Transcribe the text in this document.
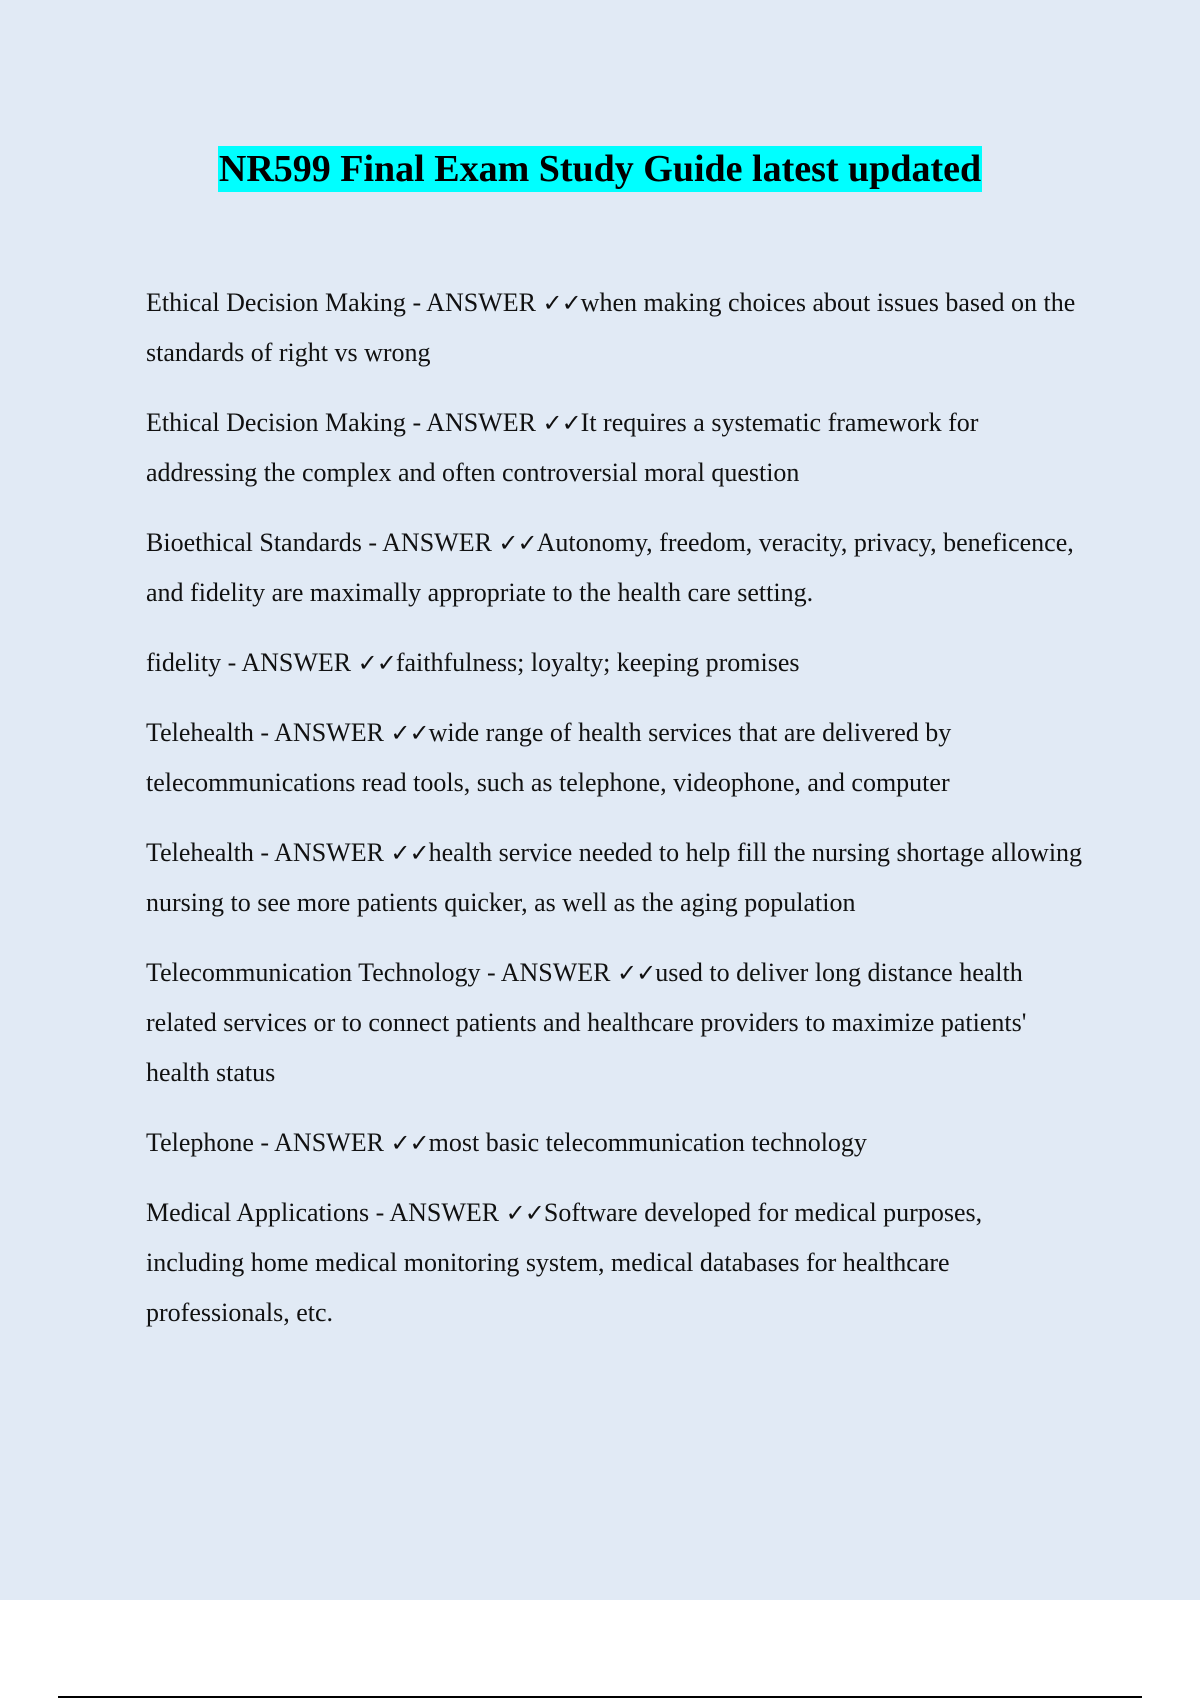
NR599 Final Exam Study Guide latest updated

Ethical Decision Making - ANSWER ✓✓when making choices about issues based on the standards of right vs wrong

Ethical Decision Making - ANSWER ✓✓It requires a systematic framework for addressing the complex and often controversial moral question

Bioethical Standards - ANSWER ✓✓Autonomy, freedom, veracity, privacy, beneficence, and fidelity are maximally appropriate to the health care setting.

fidelity - ANSWER ✓✓faithfulness; loyalty; keeping promises

Telehealth - ANSWER ✓✓wide range of health services that are delivered by telecommunications read tools, such as telephone, videophone, and computer

Telehealth - ANSWER ✓✓health service needed to help fill the nursing shortage allowing nursing to see more patients quicker, as well as the aging population

Telecommunication Technology - ANSWER ✓✓used to deliver long distance health related services or to connect patients and healthcare providers to maximize patients' health status

Telephone - ANSWER ✓✓most basic telecommunication technology

Medical Applications - ANSWER ✓✓Software developed for medical purposes, including home medical monitoring system, medical databases for healthcare professionals, etc.
